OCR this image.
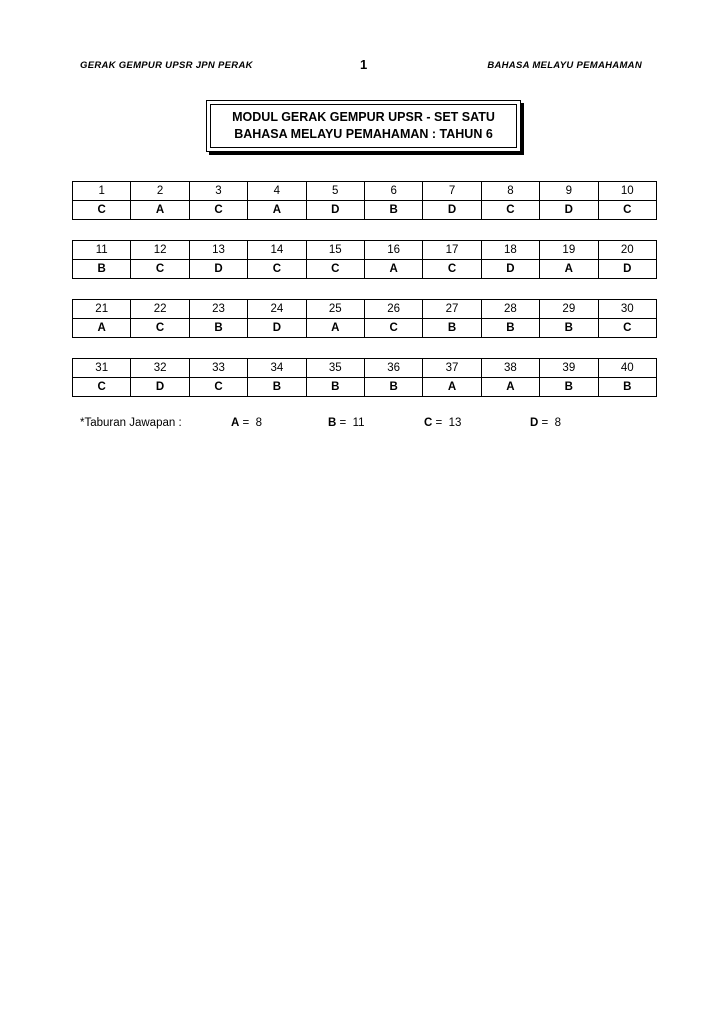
GERAK GEMPUR UPSR JPN PERAK	1	BAHASA MELAYU PEMAHAMAN
MODUL GERAK GEMPUR UPSR - SET SATU
BAHASA MELAYU PEMAHAMAN : TAHUN 6
1	2	3	4	5	6	7	8	9	10
C	A	C	A	D	B	D	C	D	C
11	12	13	14	15	16	17	18	19	20
B	C	D	C	C	A	C	D	A	D
21	22	23	24	25	26	27	28	29	30
A	C	B	D	A	C	B	B	B	C
31	32	33	34	35	36	37	38	39	40
C	D	C	B	B	B	A	A	B	B
*Taburan Jawapan :	A =  8	B =  11	C =  13	D =  8
